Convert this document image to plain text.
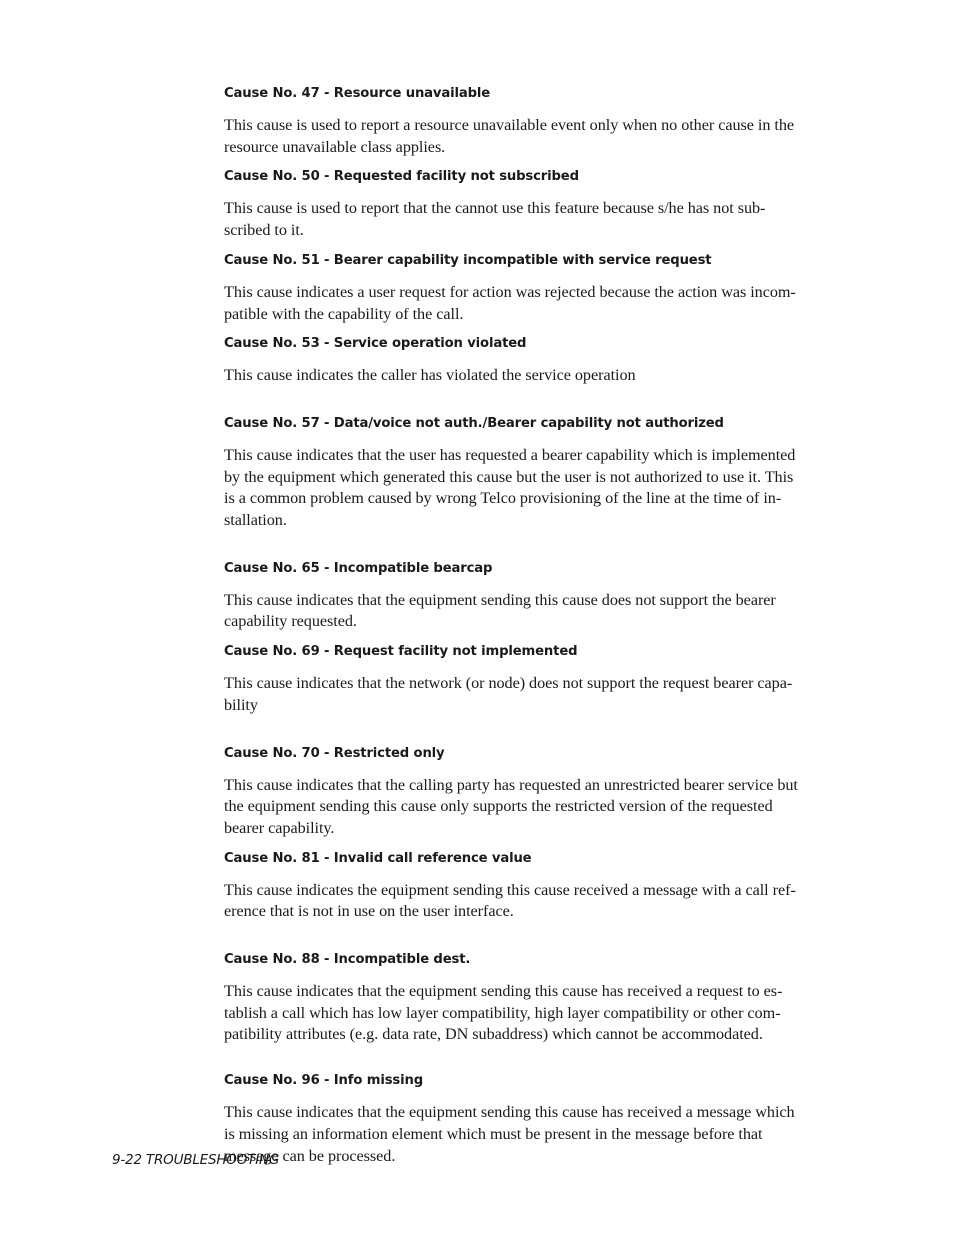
Cause No. 47 - Resource unavailable

This cause is used to report a resource unavailable event only when no other cause in the
resource unavailable class applies.

Cause No. 50 - Requested facility not subscribed

This cause is used to report that the cannot use this feature because s/he has not sub-
scribed to it.

Cause No. 51 - Bearer capability incompatible with service request

This cause indicates a user request for action was rejected because the action was incom-
patible with the capability of the call.

Cause No. 53 - Service operation violated

This cause indicates the caller has violated the service operation

Cause No. 57 - Data/voice not auth./Bearer capability not authorized

This cause indicates that the user has requested a bearer capability which is implemented
by the equipment which generated this cause but the user is not authorized to use it. This
is a common problem caused by wrong Telco provisioning of the line at the time of in-
stallation.

Cause No. 65 - Incompatible bearcap

This cause indicates that the equipment sending this cause does not support the bearer
capability requested.

Cause No. 69 - Request facility not implemented

This cause indicates that the network (or node) does not support the request bearer capa-
bility

Cause No. 70 - Restricted only

This cause indicates that the calling party has requested an unrestricted bearer service but
the equipment sending this cause only supports the restricted version of the requested
bearer capability.

Cause No. 81 - Invalid call reference value

This cause indicates the equipment sending this cause received a message with a call ref-
erence that is not in use on the user interface.

Cause No. 88 - Incompatible dest.

This cause indicates that the equipment sending this cause has received a request to es-
tablish a call which has low layer compatibility, high layer compatibility or other com-
patibility attributes (e.g. data rate, DN subaddress) which cannot be accommodated.

Cause No. 96 - Info missing

This cause indicates that the equipment sending this cause has received a message which
is missing an information element which must be present in the message before that
message can be processed.

9-22 TROUBLESHOOTING
